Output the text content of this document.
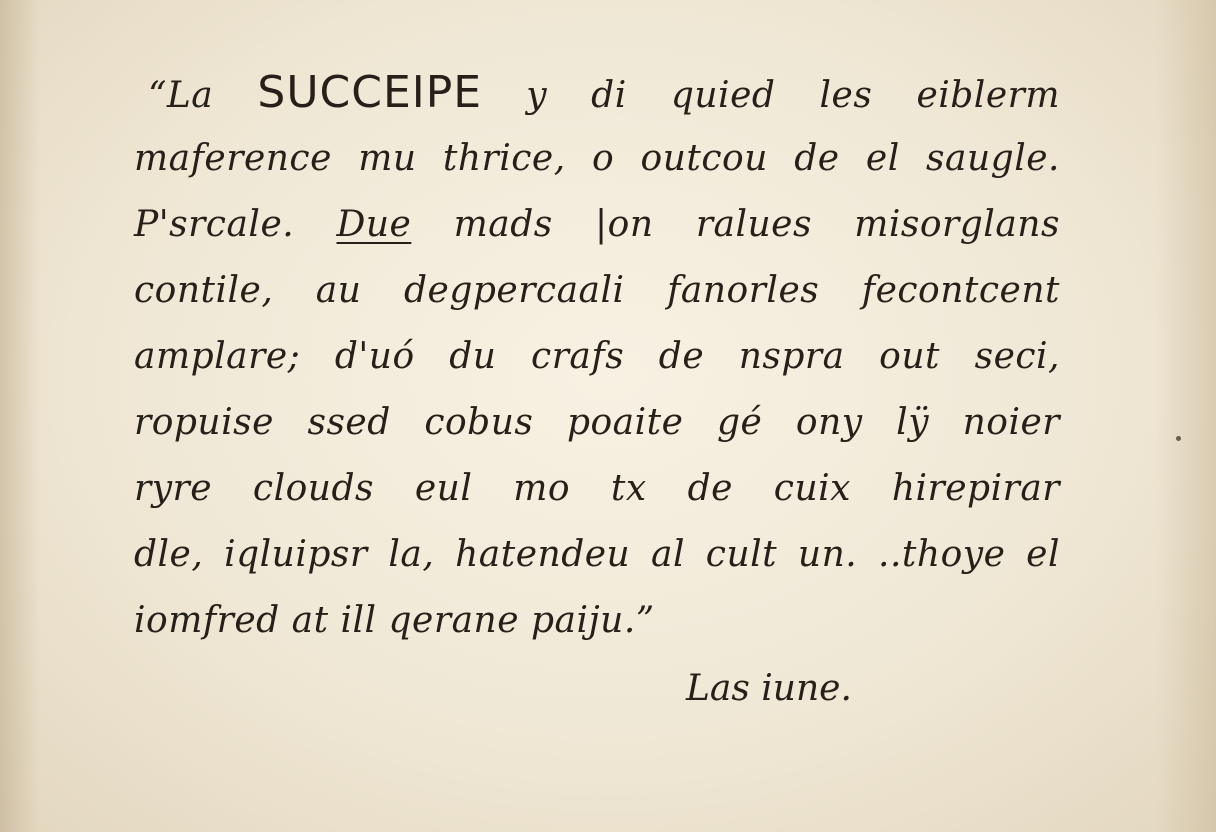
“La SUCCEIPE y di quied les eiblerm
maference mu thrice, o outcou de el saugle.
P'srcale. Due mads |on ralues misorglans
contile, au degpercaali fanorles fecontcent
amplare; d'uó du crafs de nspra out seci,
ropuise ssed cobus poaite gé ony lÿ noier
ryre clouds eul mo tx de cuix hirepirar
dle, iqluipsr la, hatendeu al cult un. ..thoye el
iomfred at ill qerane paiju.”
Las iune.
